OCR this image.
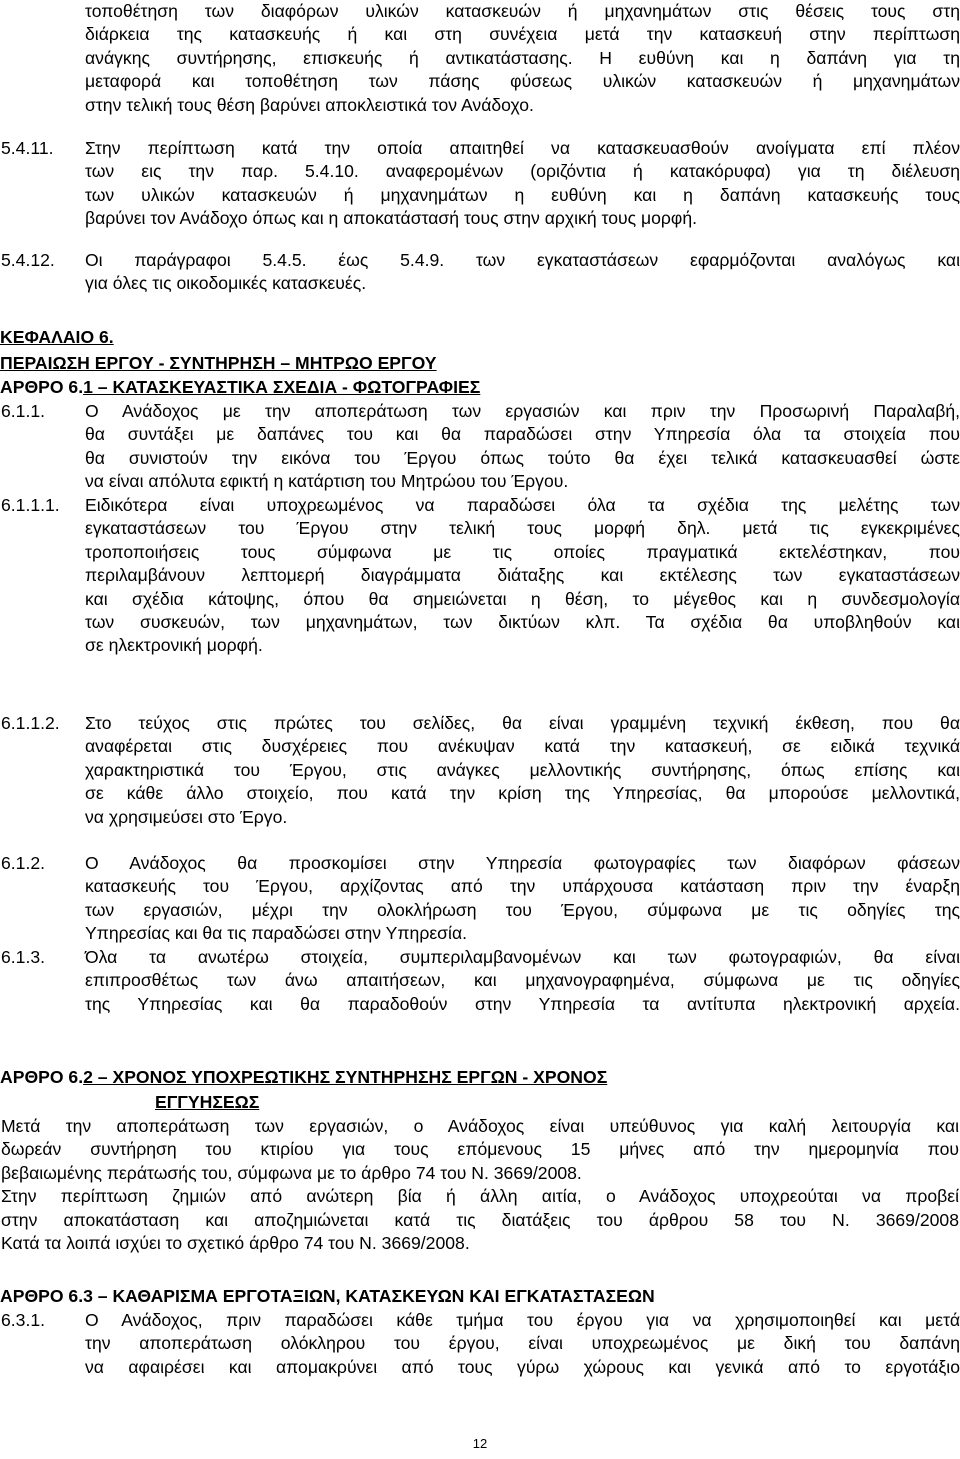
τοποθέτηση των διαφόρων υλικών κατασκευών ή μηχανημάτων στις θέσεις τους στη
διάρκεια της κατασκευής ή και στη συνέχεια μετά την κατασκευή στην περίπτωση
ανάγκης συντήρησης, επισκευής ή αντικατάστασης. Η ευθύνη και η δαπάνη για τη
μεταφορά και τοποθέτηση των πάσης φύσεως υλικών κατασκευών ή μηχανημάτων
στην τελική τους θέση βαρύνει αποκλειστικά τον Ανάδοχο.
5.4.11. Στην περίπτωση κατά την οποία απαιτηθεί να κατασκευασθούν ανοίγματα επί πλέον
των εις την παρ. 5.4.10. αναφερομένων (οριζόντια ή κατακόρυφα) για τη διέλευση
των υλικών κατασκευών ή μηχανημάτων η ευθύνη και η δαπάνη κατασκευής τους
βαρύνει τον Ανάδοχο όπως και η αποκατάστασή τους στην αρχική τους μορφή.
5.4.12. Οι παράγραφοι 5.4.5. έως 5.4.9. των εγκαταστάσεων εφαρμόζονται αναλόγως και
για όλες τις οικοδομικές κατασκευές.
ΚΕΦΑΛΑΙΟ 6.
ΠΕΡΑΙΩΣΗ ΕΡΓΟΥ - ΣΥΝΤΗΡΗΣΗ – ΜΗΤΡΩΟ ΕΡΓΟΥ
ΑΡΘΡΟ 6.1 – ΚΑΤΑΣΚΕΥΑΣΤΙΚΑ ΣΧΕΔΙΑ - ΦΩΤΟΓΡΑΦΙΕΣ
6.1.1. Ο Ανάδοχος με την αποπεράτωση των εργασιών και πριν την Προσωρινή Παραλαβή,
θα συντάξει με δαπάνες του και θα παραδώσει στην Υπηρεσία όλα τα στοιχεία που
θα συνιστούν την εικόνα του Έργου όπως τούτο θα έχει τελικά κατασκευασθεί ώστε
να είναι απόλυτα εφικτή η κατάρτιση του Μητρώου του Έργου.
6.1.1.1. Ειδικότερα είναι υποχρεωμένος να παραδώσει όλα τα σχέδια της μελέτης των
εγκαταστάσεων του Έργου στην τελική τους μορφή δηλ. μετά τις εγκεκριμένες
τροποποιήσεις τους σύμφωνα με τις οποίες πραγματικά εκτελέστηκαν, που
περιλαμβάνουν λεπτομερή διαγράμματα διάταξης και εκτέλεσης των εγκαταστάσεων
και σχέδια κάτοψης, όπου θα σημειώνεται η θέση, το μέγεθος και η συνδεσμολογία
των συσκευών, των μηχανημάτων, των δικτύων κλπ. Τα σχέδια θα υποβληθούν και
σε ηλεκτρονική μορφή.
6.1.1.2. Στο τεύχος στις πρώτες του σελίδες, θα είναι γραμμένη τεχνική έκθεση, που θα
αναφέρεται στις δυσχέρειες που ανέκυψαν κατά την κατασκευή, σε ειδικά τεχνικά
χαρακτηριστικά του Έργου, στις ανάγκες μελλοντικής συντήρησης, όπως επίσης και
σε κάθε άλλο στοιχείο, που κατά την κρίση της Υπηρεσίας, θα μπορούσε μελλοντικά,
να χρησιμεύσει στο Έργο.
6.1.2. Ο Ανάδοχος θα προσκομίσει στην Υπηρεσία φωτογραφίες των διαφόρων φάσεων
κατασκευής του Έργου, αρχίζοντας από την υπάρχουσα κατάσταση πριν την έναρξη
των εργασιών, μέχρι την ολοκλήρωση του Έργου, σύμφωνα με τις οδηγίες της
Υπηρεσίας και θα τις παραδώσει στην Υπηρεσία.
6.1.3. Όλα τα ανωτέρω στοιχεία, συμπεριλαμβανομένων και των φωτογραφιών, θα είναι
επιπροσθέτως των άνω απαιτήσεων, και μηχανογραφημένα, σύμφωνα με τις οδηγίες
της Υπηρεσίας και θα παραδοθούν στην Υπηρεσία τα αντίτυπα ηλεκτρονική αρχεία.
ΑΡΘΡΟ 6.2 – ΧΡΟΝΟΣ ΥΠΟΧΡΕΩΤΙΚΗΣ ΣΥΝΤΗΡΗΣΗΣ ΕΡΓΩΝ - ΧΡΟΝΟΣ
ΕΓΓΥΗΣΕΩΣ
Μετά την αποπεράτωση των εργασιών, ο Ανάδοχος είναι υπεύθυνος για καλή λειτουργία και
δωρεάν συντήρηση του κτιρίου για τους επόμενους 15 μήνες από την ημερομηνία που
βεβαιωμένης περάτωσής του, σύμφωνα με το άρθρο 74 του Ν. 3669/2008.
Στην περίπτωση ζημιών από ανώτερη βία ή άλλη αιτία, ο Ανάδοχος υποχρεούται να προβεί
στην αποκατάσταση και αποζημιώνεται κατά τις διατάξεις του άρθρου 58 του Ν. 3669/2008
Κατά τα λοιπά ισχύει το σχετικό άρθρο 74 του Ν. 3669/2008.
ΑΡΘΡΟ 6.3 – ΚΑΘΑΡΙΣΜΑ ΕΡΓΟΤΑΞΙΩΝ, ΚΑΤΑΣΚΕΥΩΝ ΚΑΙ ΕΓΚΑΤΑΣΤΑΣΕΩΝ
6.3.1. Ο Ανάδοχος, πριν παραδώσει κάθε τμήμα του έργου για να χρησιμοποιηθεί και μετά
την αποπεράτωση ολόκληρου του έργου, είναι υποχρεωμένος με δική του δαπάνη
να αφαιρέσει και απομακρύνει από τους γύρω χώρους και γενικά από το εργοτάξιο
12
